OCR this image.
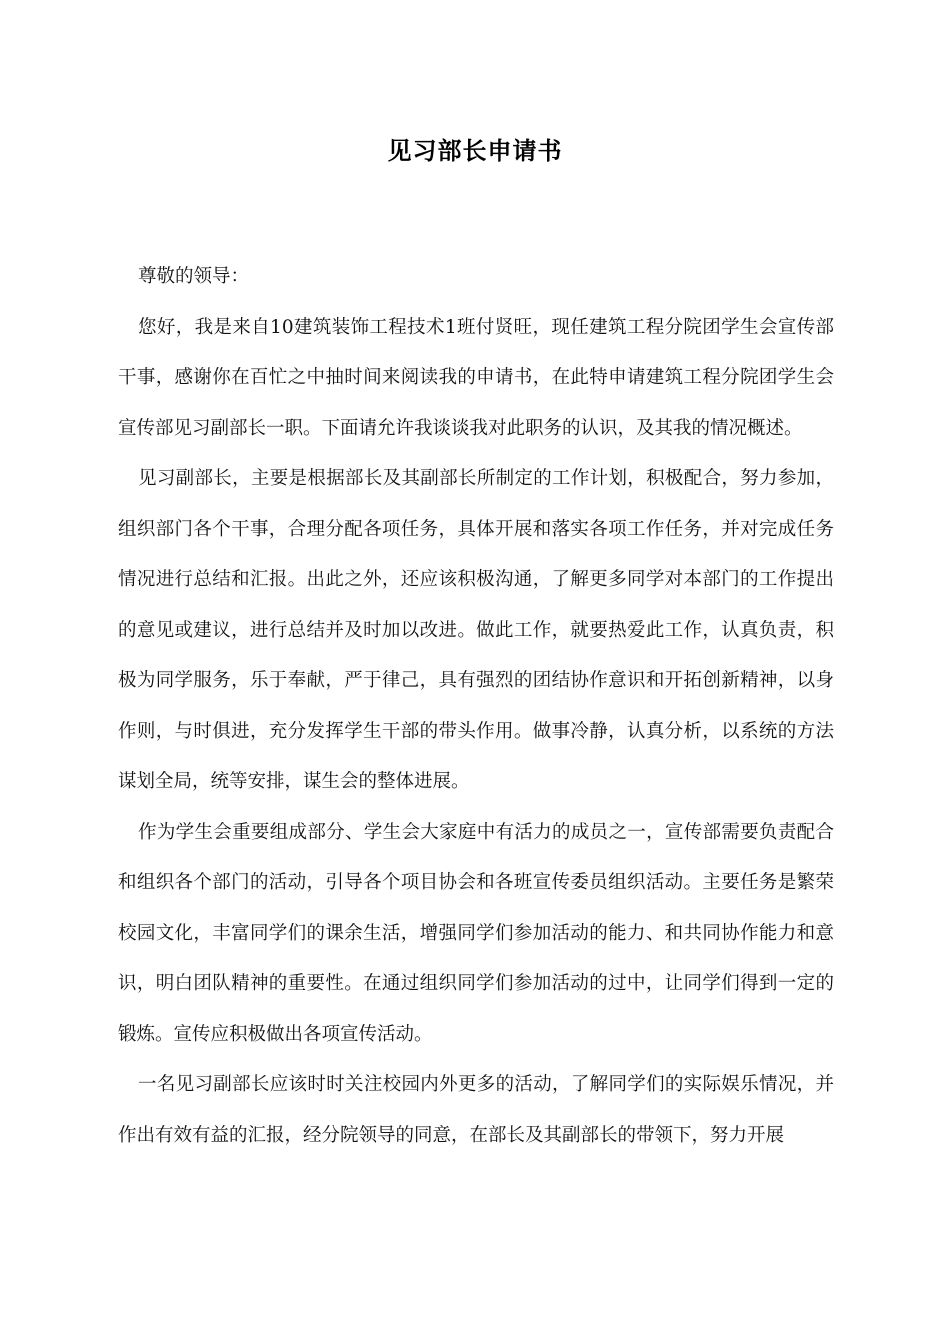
见习部长申请书

尊敬的领导：

您好，我是来自10建筑装饰工程技术1班付贤旺，现任建筑工程分院团学生会宣传部干事，感谢你在百忙之中抽时间来阅读我的申请书，在此特申请建筑工程分院团学生会宣传部见习副部长一职。下面请允许我谈谈我对此职务的认识，及其我的情况概述。

见习副部长，主要是根据部长及其副部长所制定的工作计划，积极配合，努力参加，组织部门各个干事，合理分配各项任务，具体开展和落实各项工作任务，并对完成任务情况进行总结和汇报。出此之外，还应该积极沟通，了解更多同学对本部门的工作提出的意见或建议，进行总结并及时加以改进。做此工作，就要热爱此工作，认真负责，积极为同学服务，乐于奉献，严于律己，具有强烈的团结协作意识和开拓创新精神，以身作则，与时俱进，充分发挥学生干部的带头作用。做事冷静，认真分析，以系统的方法谋划全局，统等安排，谋生会的整体进展。

作为学生会重要组成部分、学生会大家庭中有活力的成员之一，宣传部需要负责配合和组织各个部门的活动，引导各个项目协会和各班宣传委员组织活动。主要任务是繁荣校园文化，丰富同学们的课余生活，增强同学们参加活动的能力、和共同协作能力和意识，明白团队精神的重要性。在通过组织同学们参加活动的过中，让同学们得到一定的锻炼。宣传应积极做出各项宣传活动。

一名见习副部长应该时时关注校园内外更多的活动，了解同学们的实际娱乐情况，并作出有效有益的汇报，经分院领导的同意，在部长及其副部长的带领下，努力开展
